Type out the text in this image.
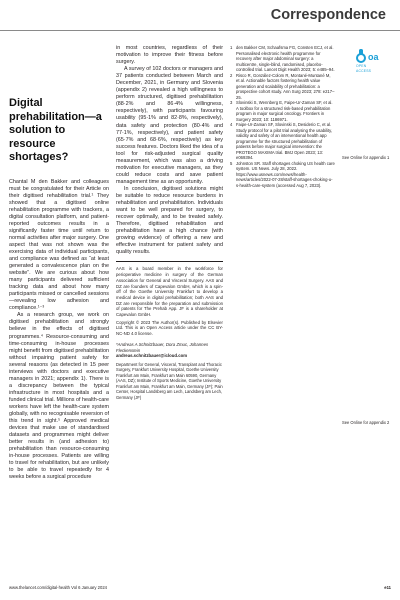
Correspondence
Digital prehabilitation—a solution to resource shortages?

Chantal M den Bakker and colleagues must be congratulated for their Article on their digitised rehabilitation trial.¹ They showed that a digitised online rehabilitation programme with trackers, a digital consultation platform, and patient-reported outcomes results in a significantly faster time until return to normal activities after major surgery. One aspect that was not shown was the exercising data of individual participants, and compliance was defined as “at least generated a convalescence plan on the website”. We are curious about how many participants delivered sufficient tracking data and about how many participants missed or cancelled sessions—revealing low adhesion and compliance.¹⁻³

As a research group, we work on digitised prehabilitation and strongly believe in the effects of digitised programmes.⁴ Resource-consuming and time-consuming in-house processes might benefit from digitised prehabilitation without impairing patient safety for several reasons (as detected in 15 peer interviews with doctors and executive managers in 2021; appendix 1). There is a discrepancy between the typical infrastructure in most hospitals and a funded clinical trial. Millions of health-care workers have left the health-care system globally, with no recognisable reversion of this trend in sight.⁵ Approved medical devices that make use of standardised datasets and programmes might deliver better results in (and adhesion to) prehabilitation than resource-consuming in-house processes. Patients are willing to travel for rehabilitation, but are unlikely to be able to travel repeatedly for 4 weeks before a surgical procedure

in most countries, regardless of their motivation to improve their fitness before surgery.

A survey of 102 doctors or managers and 37 patients conducted between March and December, 2021, in Germany and Slovenia (appendix 2) revealed a high willingness to perform structured, digitised prehabilitation (88·2% and 86·4% willingness, respectively), with participants favouring usability (95·1% and 82·8%, respectively), data safety and protection (80·4% and 77·1%, respectively), and patient safety (65·7% and 68·6%, respectively) as key success features. Doctors liked the idea of a tool for risk-adjusted surgical quality measurement, which was also a driving motivation for executive managers, as they could reduce costs and save patient management time as an opportunity.

In conclusion, digitised solutions might be suitable to reduce resource burdens in rehabilitation and prehabilitation. Individuals want to be well prepared for surgery, to recover optimally, and to be treated safely. Therefore, digitised rehabilitation and prehabilitation have a high chance (with growing evidence) of offering a new and effective instrument for patient safety and quality results.

AAS is a board member in the workforce for perioperative medicine in surgery of the German Association for General and Visceral Surgery. AAS and DZ are founders of Capevalon GmbH, which is a spin-off of the Goethe University Frankfurt to develop a medical device in digital prehabilitation; both AAS and DZ are responsible for the preparation and submission of patents for The Prehab App. JF is a shareholder at Capevalon GmbH.

Copyright © 2023 The Author(s). Published by Elsevier Ltd. This is an Open Access article under the CC BY-NC-ND 4.0 license.

*Andreas A Schnitzbauer, Dora Zmuc, Johannes Fleckenstein
andreas.schnitzbauer@icloud.com
Department for General, Visceral, Transplant and Thoracic Surgery, Frankfurt University Hospital, Goethe University Frankfurt am Main, Frankfurt am Main 60590, Germany (AAS, DZ); Institute of Sports Medicine, Goethe University Frankfurt am Main, Frankfurt am Main, Germany (JF); Pain Center, Hospital Landsberg am Lech, Landsberg am Lech, Germany (JF)
1 den Bakker CM, Schaafsma FG, Consten ECJ, et al. Personalised electronic health programme for recovery after major abdominal surgery: a multicentre, single-blind, randomised, placebo-controlled trial. Lancet Digit Health 2023; 5: e485–94.
2 Risco R, González-Colom R, Montané-Muntané M, et al. Actionable factors fostering health value generation and scalability of prehabilitation: a prospective cohort study. Ann Surg 2023; 278: e217–25.
3 Slovinski S, Wennberg E, Faipe-Ur-Zaman SF, et al. A toolbox for a structured risk-based prehabilitation program in major surgical oncology. Frontiers in Surgery 2023; 10: 1186971.
4 Faipe-Ur-Zaman SF, Slovinski S, Desiderio C, et al. Study protocol for a pilot trial analysing the usability, validity and safety of an interventional health app programme for the structured prehabilitation of patients before major surgical intervention: the PROTEGO MAXIMA trial. BMJ Open 2023; 13: e069394.
5 Johnston SR. Staff shortages choking US health care system. US News. July 28, 2022. https://www.usnews.com/news/health-news/articles/2022-07-28/staff-shortages-choking-u-s-health-care-system (accessed Aug 7, 2023).
oa
OPEN ACCESS
See Online for appendix 1
See Online for appendix 2
www.thelancet.com/digital-health Vol 6 January 2024	e11
